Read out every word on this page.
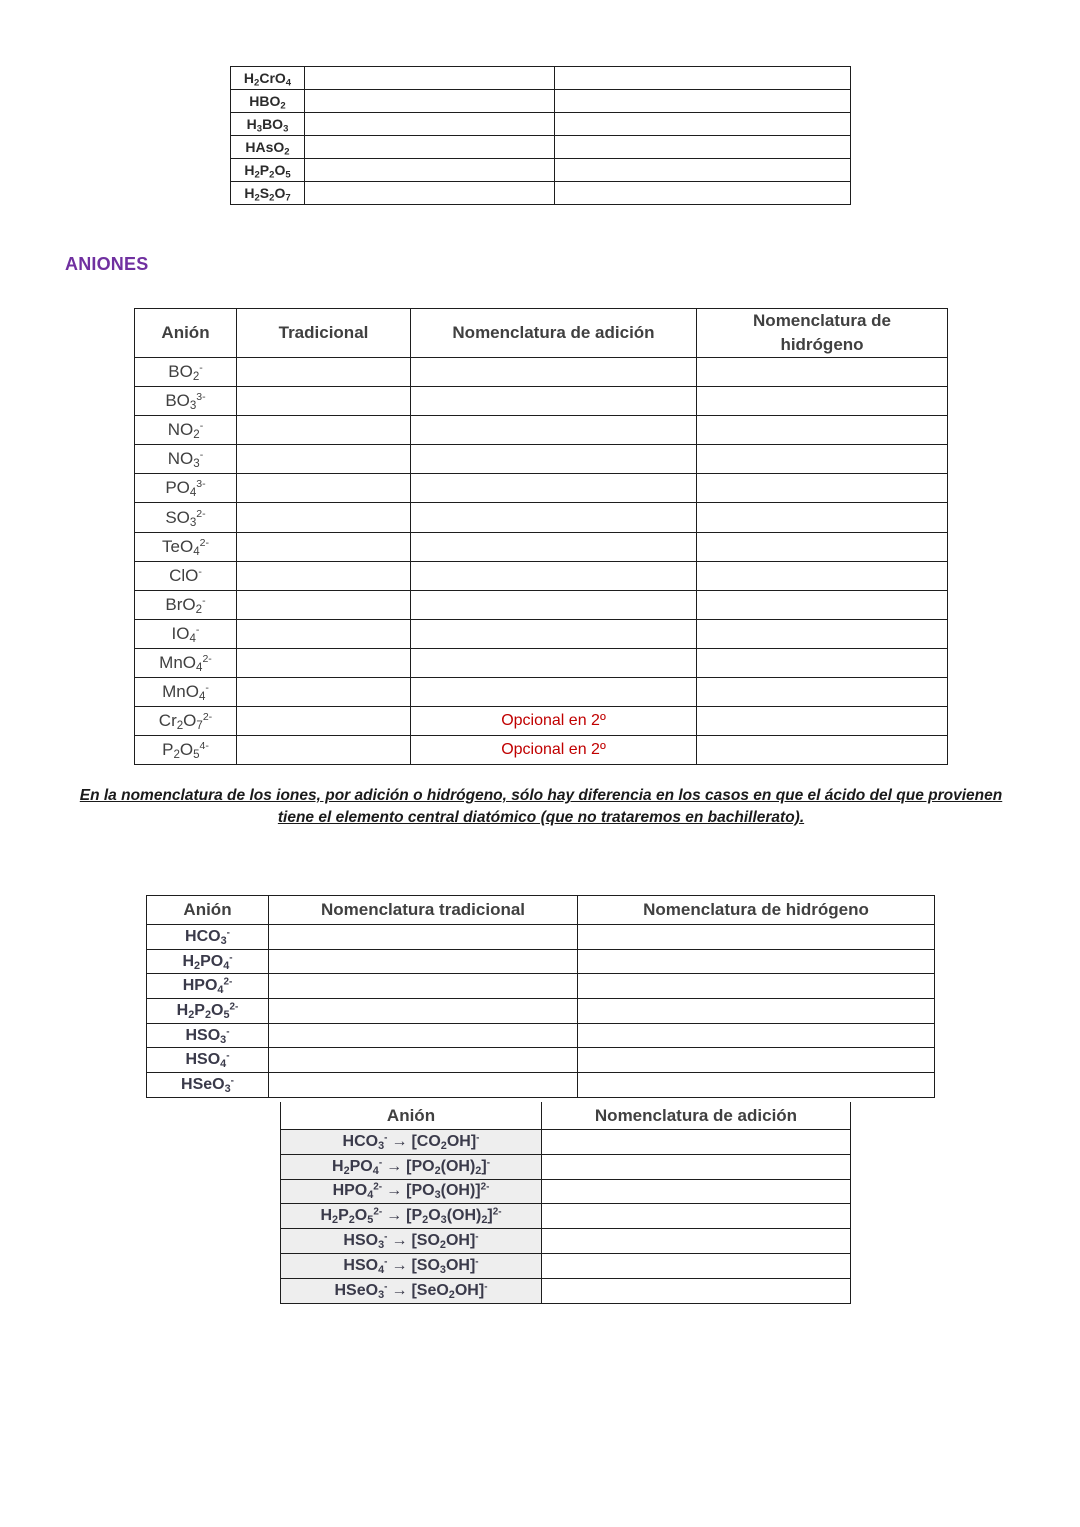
$H_2CrO_4$		
$HBO_2$		
$H_3BO_3$		
HAsO$_2$		
$H_2P_2O_5$		
$H_2S_2O_7$		
ANIONES
Anión	Tradicional	Nomenclatura de adición	Nomenclatura de hidrógeno
$BO_2^-$			
$BO_3^{3-}$			
$NO_2^-$			
$NO_3^-$			
$PO_4^{3-}$			
$SO_3^{2-}$			
TeO$_4^{2-}$			
ClO-			
BrO$_2$-			
$IO_4^-$			
MnO$_4^{2-}$			
MnO$_4$-			
$Cr_2O_7^{2-}$		Opcional en 2º	
$P_2O_5^{4-}$		Opcional en 2º	
En la nomenclatura de los iones, por adición o hidrógeno, sólo hay diferencia en los casos en que el ácido del que provienen
tiene el elemento central diatómico (que no trataremos en bachillerato).
Anión	Nomenclatura tradicional	Nomenclatura de hidrógeno
$HCO_3^-$		
$H_2PO_4^-$		
$HPO_4^{2-}$		
$H_2P_2O_5^{2-}$		
$HSO_3^-$		
$HSO_4^-$		
HSeO$_3$-		
Anión	Nomenclatura de adición
$HCO_3^- \to [CO_2OH]^-$	
$H_2PO_4^- \to [PO_2(OH)_2]^-$	
$HPO_4^{2-} \to [PO_3(OH)]^{2-}$	
$H_2P_2O_5^{2-} \to [P_2O_3(OH)_2]^{2-}$	
$HSO_3^- \to [SO_2OH]^-$	
$HSO_4^- \to [SO_3OH]^-$	
HSeO$_3$- → [SeO$_2$OH]-	
